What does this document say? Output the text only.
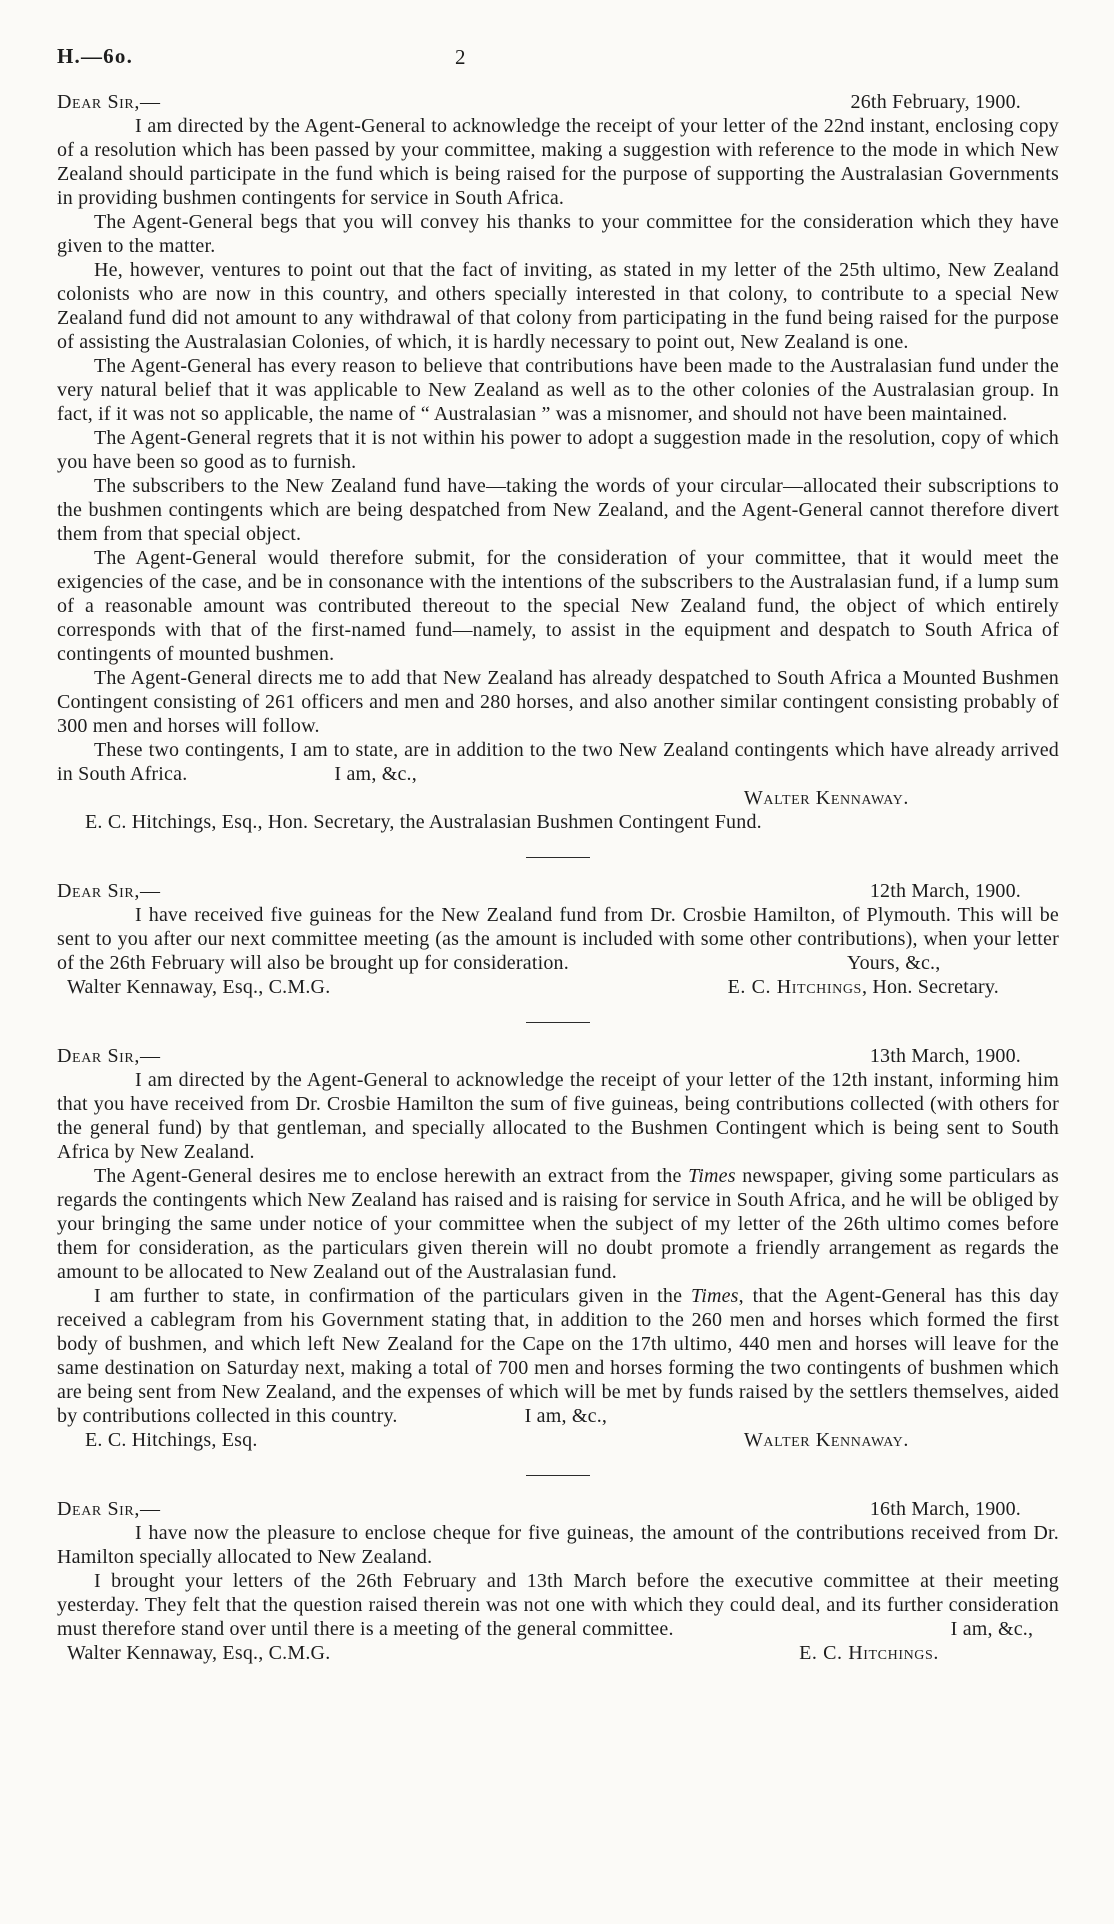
H.—6o.	2
Dear Sir,—	26th February, 1900.

I am directed by the Agent-General to acknowledge the receipt of your letter of the 22nd instant, enclosing copy of a resolution which has been passed by your committee, making a suggestion with reference to the mode in which New Zealand should participate in the fund which is being raised for the purpose of supporting the Australasian Governments in providing bushmen contingents for service in South Africa.

The Agent-General begs that you will convey his thanks to your committee for the consideration which they have given to the matter.

He, however, ventures to point out that the fact of inviting, as stated in my letter of the 25th ultimo, New Zealand colonists who are now in this country, and others specially interested in that colony, to contribute to a special New Zealand fund did not amount to any withdrawal of that colony from participating in the fund being raised for the purpose of assisting the Australasian Colonies, of which, it is hardly necessary to point out, New Zealand is one.

The Agent-General has every reason to believe that contributions have been made to the Australasian fund under the very natural belief that it was applicable to New Zealand as well as to the other colonies of the Australasian group. In fact, if it was not so applicable, the name of “ Australasian ” was a misnomer, and should not have been maintained.

The Agent-General regrets that it is not within his power to adopt a suggestion made in the resolution, copy of which you have been so good as to furnish.

The subscribers to the New Zealand fund have—taking the words of your circular—allocated their subscriptions to the bushmen contingents which are being despatched from New Zealand, and the Agent-General cannot therefore divert them from that special object.

The Agent-General would therefore submit, for the consideration of your committee, that it would meet the exigencies of the case, and be in consonance with the intentions of the subscribers to the Australasian fund, if a lump sum of a reasonable amount was contributed thereout to the special New Zealand fund, the object of which entirely corresponds with that of the first-named fund—namely, to assist in the equipment and despatch to South Africa of contingents of mounted bushmen.

The Agent-General directs me to add that New Zealand has already despatched to South Africa a Mounted Bushmen Contingent consisting of 261 officers and men and 280 horses, and also another similar contingent consisting probably of 300 men and horses will follow.

These two contingents, I am to state, are in addition to the two New Zealand contingents which have already arrived in South Africa.	I am, &c.,

Walter Kennaway.
E. C. Hitchings, Esq., Hon. Secretary, the Australasian Bushmen Contingent Fund.
Dear Sir,—	12th March, 1900.

I have received five guineas for the New Zealand fund from Dr. Crosbie Hamilton, of Plymouth. This will be sent to you after our next committee meeting (as the amount is included with some other contributions), when your letter of the 26th February will also be brought up for consideration.	Yours, &c.,

Walter Kennaway, Esq., C.M.G.	E. C. Hitchings, Hon. Secretary.
Dear Sir,—	13th March, 1900.

I am directed by the Agent-General to acknowledge the receipt of your letter of the 12th instant, informing him that you have received from Dr. Crosbie Hamilton the sum of five guineas, being contributions collected (with others for the general fund) by that gentleman, and specially allocated to the Bushmen Contingent which is being sent to South Africa by New Zealand.

The Agent-General desires me to enclose herewith an extract from the Times newspaper, giving some particulars as regards the contingents which New Zealand has raised and is raising for service in South Africa, and he will be obliged by your bringing the same under notice of your committee when the subject of my letter of the 26th ultimo comes before them for consideration, as the particulars given therein will no doubt promote a friendly arrangement as regards the amount to be allocated to New Zealand out of the Australasian fund.

I am further to state, in confirmation of the particulars given in the Times, that the Agent-General has this day received a cablegram from his Government stating that, in addition to the 260 men and horses which formed the first body of bushmen, and which left New Zealand for the Cape on the 17th ultimo, 440 men and horses will leave for the same destination on Saturday next, making a total of 700 men and horses forming the two contingents of bushmen which are being sent from New Zealand, and the expenses of which will be met by funds raised by the settlers themselves, aided by contributions collected in this country.	I am, &c.,

E. C. Hitchings, Esq.	Walter Kennaway.
Dear Sir,—	16th March, 1900.

I have now the pleasure to enclose cheque for five guineas, the amount of the contributions received from Dr. Hamilton specially allocated to New Zealand.

I brought your letters of the 26th February and 13th March before the executive committee at their meeting yesterday. They felt that the question raised therein was not one with which they could deal, and its further consideration must therefore stand over until there is a meeting of the general committee.	I am, &c.,

Walter Kennaway, Esq., C.M.G.	E. C. Hitchings.
